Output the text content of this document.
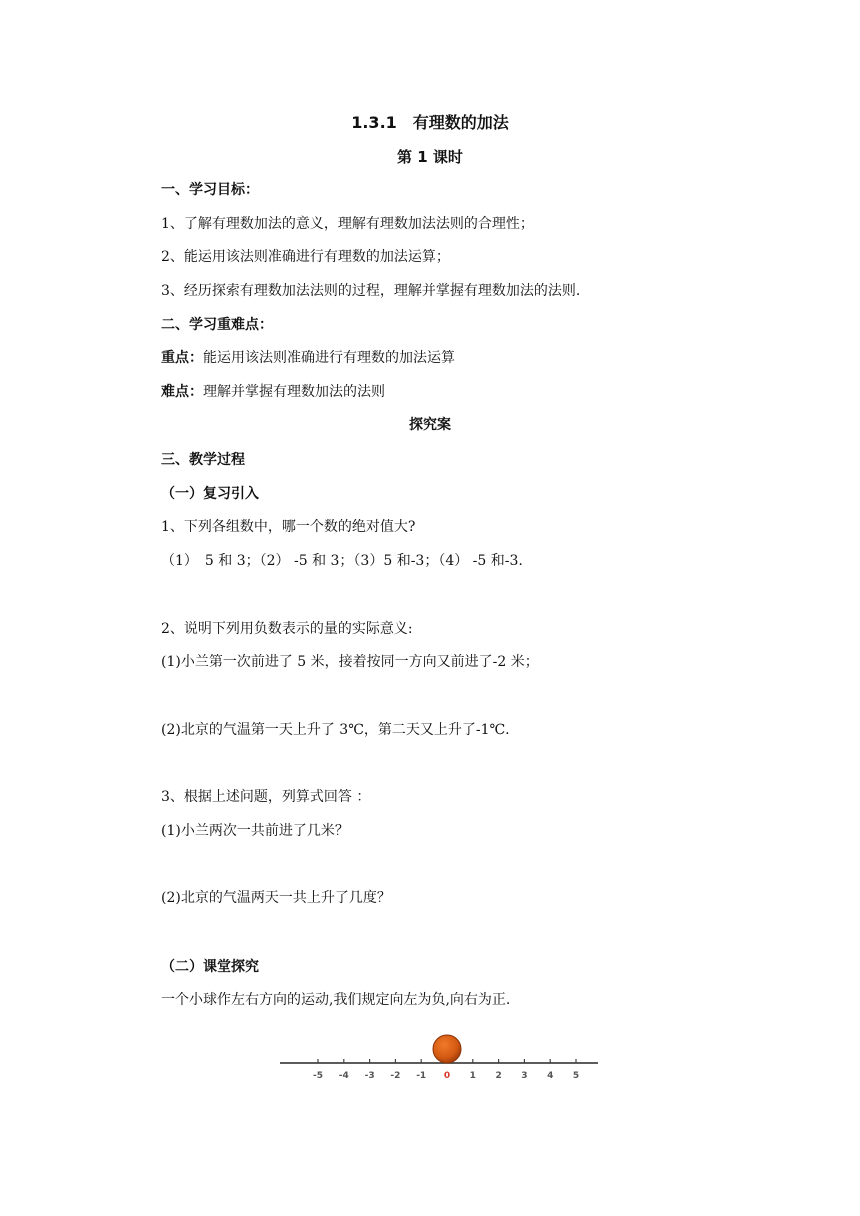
1.3.1　有理数的加法
第 1 课时
一、学习目标：
1、了解有理数加法的意义，理解有理数加法法则的合理性；
2、能运用该法则准确进行有理数的加法运算；
3、经历探索有理数加法法则的过程，理解并掌握有理数加法的法则.
二、学习重难点：
重点：能运用该法则准确进行有理数的加法运算
难点：理解并掌握有理数加法的法则
探究案
三、教学过程
（一）复习引入
1、下列各组数中，哪一个数的绝对值大?
（1）　5 和 3；（2） -5 和 3；（3）5 和-3；（4） -5 和-3.
2、说明下列用负数表示的量的实际意义:
(1)小兰第一次前进了 5 米，接着按同一方向又前进了-2 米；
(2)北京的气温第一天上升了 3℃，第二天又上升了-1℃.
3、根据上述问题，列算式回答 ：
(1)小兰两次一共前进了几米？
(2)北京的气温两天一共上升了几度？
（二）课堂探究
一个小球作左右方向的运动,我们规定向左为负,向右为正.
-5 -4 -3 -2 -1 0 1 2 3 4 5
